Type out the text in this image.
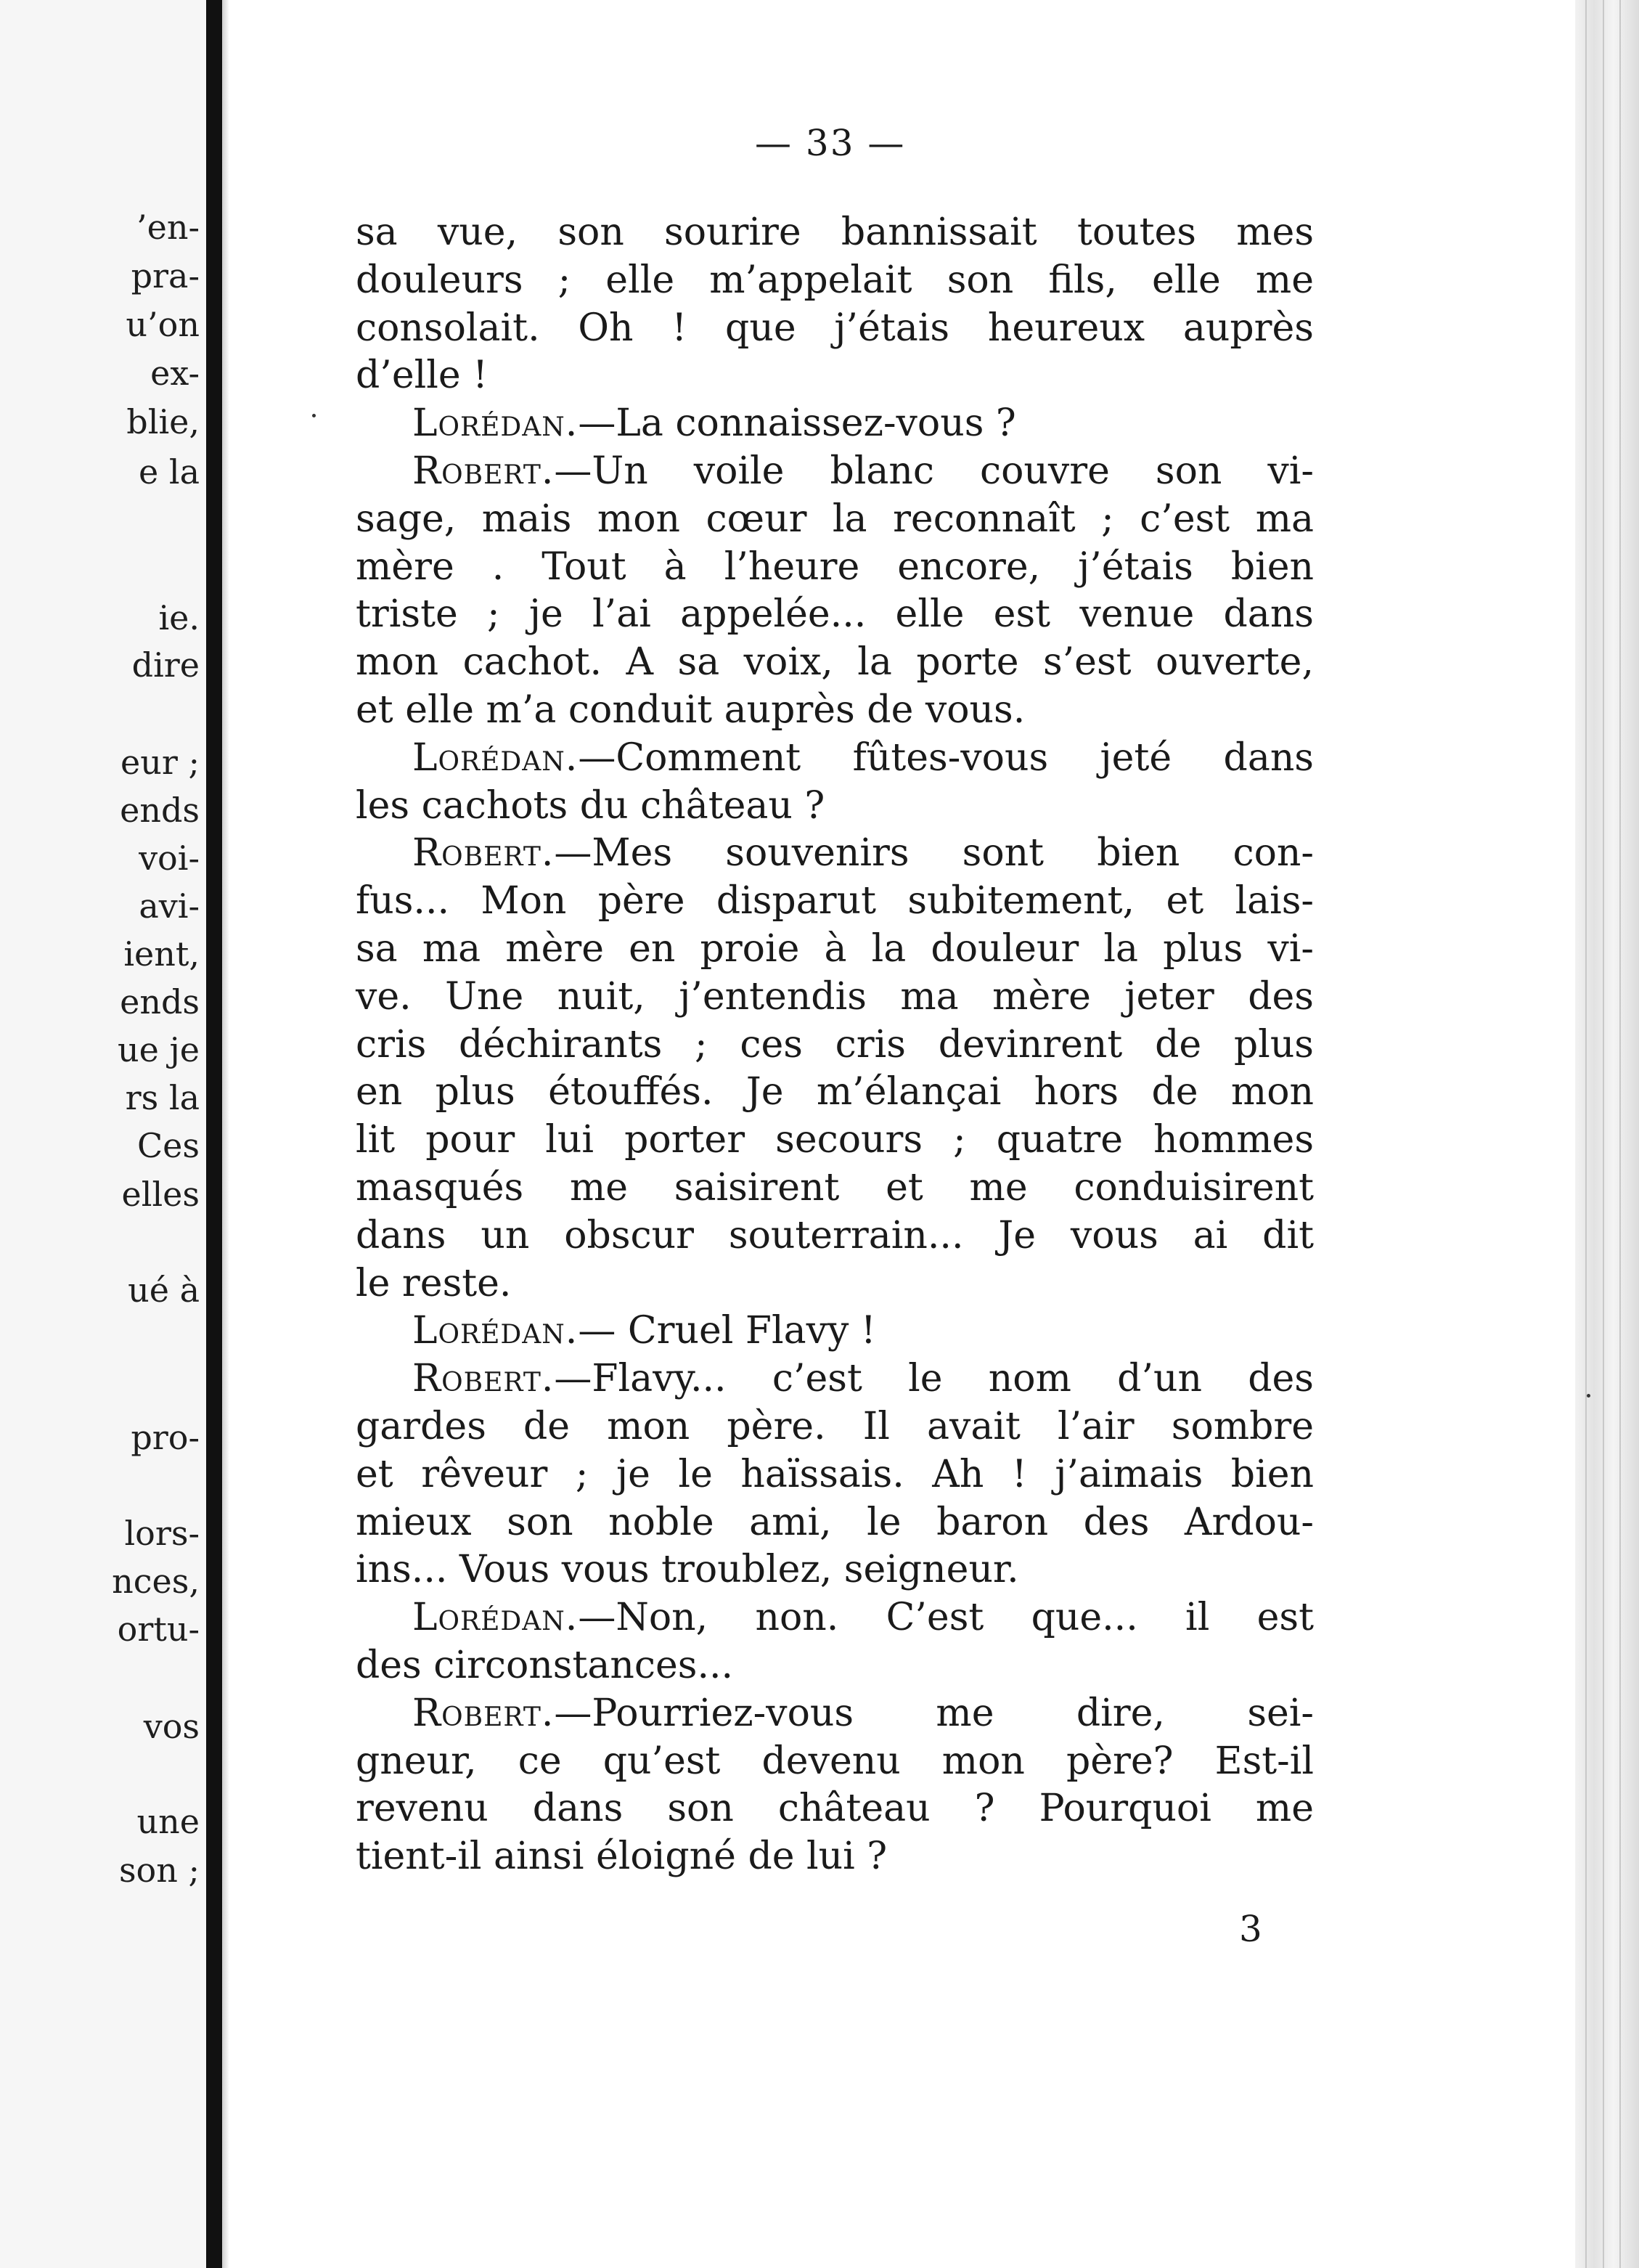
’en-
pra-
u’on
ex-
blie,
e la
ie.
dire
eur ;
ends
voi-
avi-
ient,
ends
ue je
rs la
Ces
elles
ué à
pro-
lors-
nces,
ortu-
vos
une
son ;
— 33 —
sa vue, son sourire bannissait toutes mes
douleurs ; elle m’appelait son fils, elle me
consolait. Oh ! que j’étais heureux auprès
d’elle !
Lorédan.—La connaissez-vous ?
Robert.—Un voile blanc couvre son vi-
sage, mais mon cœur la reconnaît ; c’est ma
mère . Tout à l’heure encore, j’étais bien
triste ; je l’ai appelée... elle est venue dans
mon cachot. A sa voix, la porte s’est ouverte,
et elle m’a conduit auprès de vous.
Lorédan.—Comment fûtes-vous jeté dans
les cachots du château ?
Robert.—Mes souvenirs sont bien con-
fus... Mon père disparut subitement, et lais-
sa ma mère en proie à la douleur la plus vi-
ve. Une nuit, j’entendis ma mère jeter des
cris déchirants ; ces cris devinrent de plus
en plus étouffés. Je m’élançai hors de mon
lit pour lui porter secours ; quatre hommes
masqués me saisirent et me conduisirent
dans un obscur souterrain... Je vous ai dit
le reste.
Lorédan.— Cruel Flavy !
Robert.—Flavy... c’est le nom d’un des
gardes de mon père. Il avait l’air sombre
et rêveur ; je le haïssais. Ah ! j’aimais bien
mieux son noble ami, le baron des Ardou-
ins... Vous vous troublez, seigneur.
Lorédan.—Non, non. C’est que... il est
des circonstances...
Robert.—Pourriez-vous me dire, sei-
gneur, ce qu’est devenu mon père? Est-il
revenu dans son château ? Pourquoi me
tient-il ainsi éloigné de lui ?
3
